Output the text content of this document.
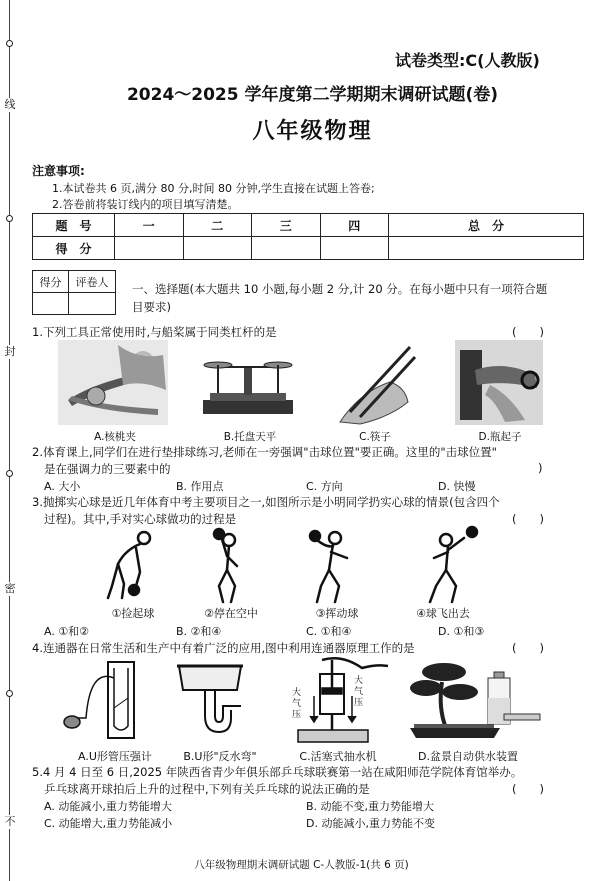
线
封
密
不
试卷类型:C(人教版)
2024～2025 学年度第二学期期末调研试题(卷)
八年级物理
注意事项:
1.本试卷共 6 页,满分 80 分,时间 80 分钟,学生直接在试题上答卷;
2.答卷前将装订线内的项目填写清楚。
题　号	一	二	三	四	总　分
得　分					
得分	评卷人
	一、选择题(本大题共 10 小题,每小题 2 分,计 20 分。在每小题中只有一项符合题目要求)
1.下列工具正常使用时,与船桨属于同类杠杆的是	(　　)
A.核桃夹	B.托盘天平	C.筷子	D.瓶起子
2.体育课上,同学们在进行垫排球练习,老师在一旁强调"击球位置"要正确。这里的"击球位置"
是在强调力的三要素中的	)
A. 大小	B. 作用点	C. 方向	D. 快慢
3.抛掷实心球是近几年体育中考主要项目之一,如图所示是小明同学扔实心球的情景(包含四个
过程)。其中,手对实心球做功的过程是	(　　)
①捡起球	②停在空中	③挥动球	④球飞出去
A. ①和②	B. ②和④	C. ①和④	D. ①和③
4.连通器在日常生活和生产中有着广泛的应用,图中利用连通器原理工作的是	(　　)
大气压
大气压
A.U形管压强计	B.U形"反水弯"	C.活塞式抽水机	D.盆景自动供水装置
5.4 月 4 日至 6 日,2025 年陕西省青少年俱乐部乒乓球联赛第一站在咸阳师范学院体育馆举办。
乒乓球离开球拍后上升的过程中,下列有关乒乓球的说法正确的是	(　　)
A. 动能减小,重力势能增大	B. 动能不变,重力势能增大
C. 动能增大,重力势能减小	D. 动能减小,重力势能不变
八年级物理期末调研试题 C-人教版-1(共 6 页)
